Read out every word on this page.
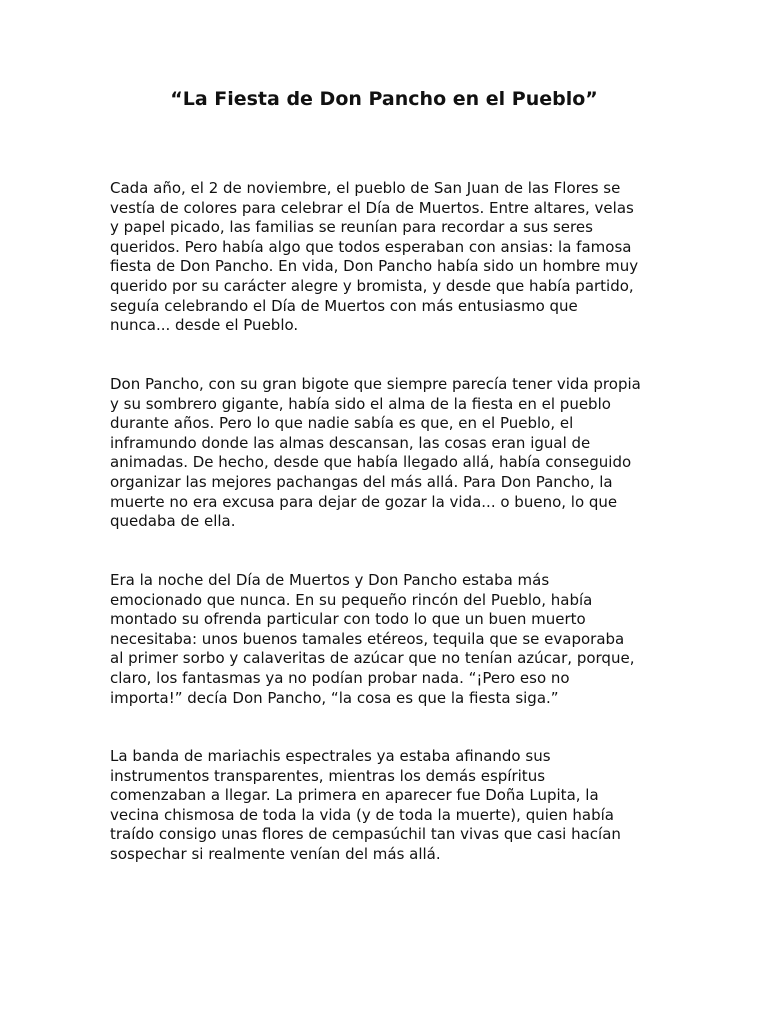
“La Fiesta de Don Pancho en el Pueblo”

Cada año, el 2 de noviembre, el pueblo de San Juan de las Flores se
vestía de colores para celebrar el Día de Muertos. Entre altares, velas
y papel picado, las familias se reunían para recordar a sus seres
queridos. Pero había algo que todos esperaban con ansias: la famosa
fiesta de Don Pancho. En vida, Don Pancho había sido un hombre muy
querido por su carácter alegre y bromista, y desde que había partido,
seguía celebrando el Día de Muertos con más entusiasmo que
nunca... desde el Pueblo.

Don Pancho, con su gran bigote que siempre parecía tener vida propia
y su sombrero gigante, había sido el alma de la fiesta en el pueblo
durante años. Pero lo que nadie sabía es que, en el Pueblo, el
inframundo donde las almas descansan, las cosas eran igual de
animadas. De hecho, desde que había llegado allá, había conseguido
organizar las mejores pachangas del más allá. Para Don Pancho, la
muerte no era excusa para dejar de gozar la vida... o bueno, lo que
quedaba de ella.

Era la noche del Día de Muertos y Don Pancho estaba más
emocionado que nunca. En su pequeño rincón del Pueblo, había
montado su ofrenda particular con todo lo que un buen muerto
necesitaba: unos buenos tamales etéreos, tequila que se evaporaba
al primer sorbo y calaveritas de azúcar que no tenían azúcar, porque,
claro, los fantasmas ya no podían probar nada. “¡Pero eso no
importa!” decía Don Pancho, “la cosa es que la fiesta siga.”

La banda de mariachis espectrales ya estaba afinando sus
instrumentos transparentes, mientras los demás espíritus
comenzaban a llegar. La primera en aparecer fue Doña Lupita, la
vecina chismosa de toda la vida (y de toda la muerte), quien había
traído consigo unas flores de cempasúchil tan vivas que casi hacían
sospechar si realmente venían del más allá.
